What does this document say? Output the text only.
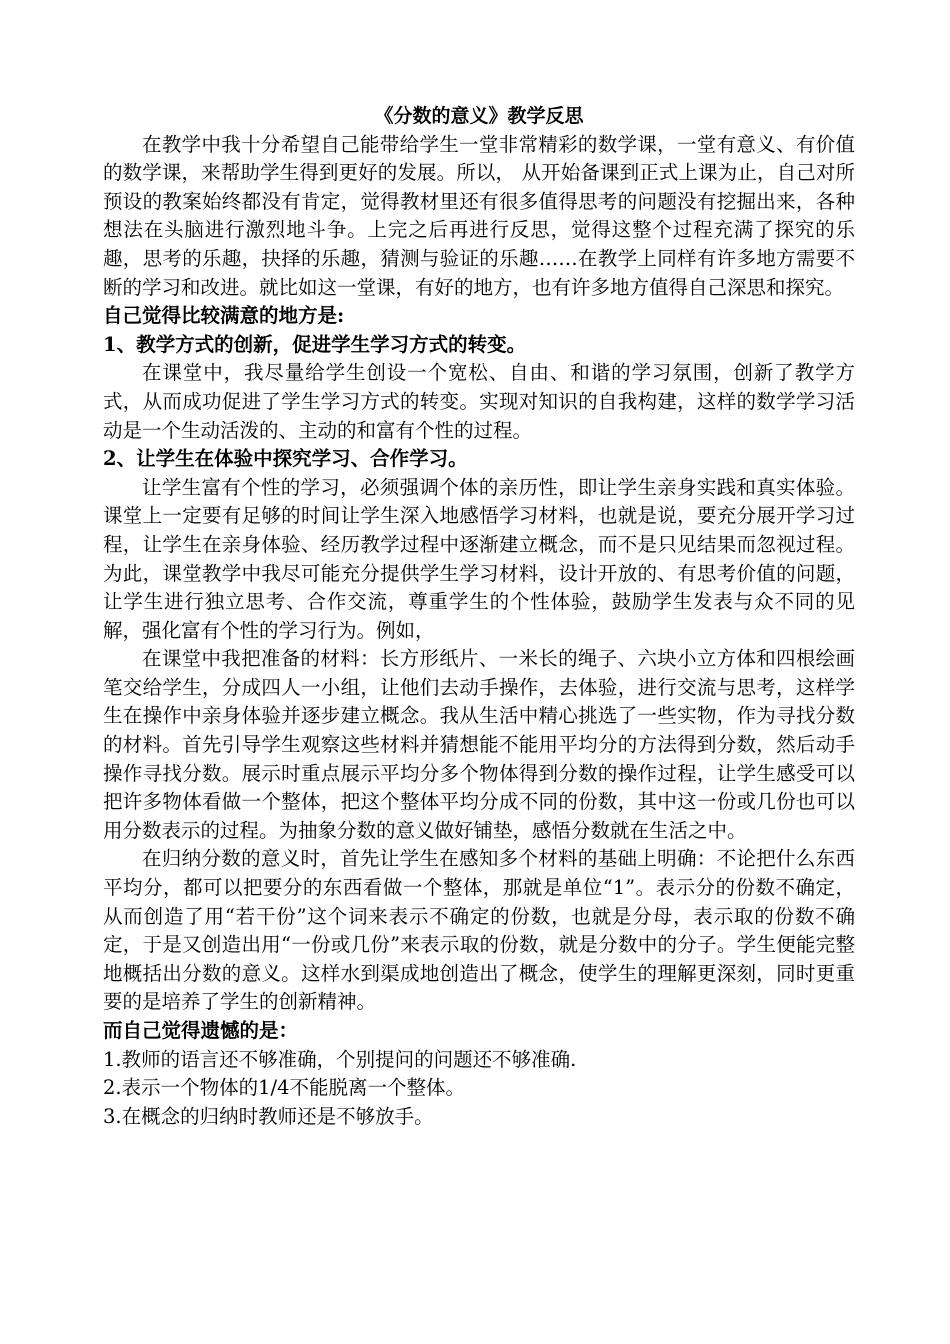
《分数的意义》教学反思

在教学中我十分希望自己能带给学生一堂非常精彩的数学课，一堂有意义、有价值的数学课，来帮助学生得到更好的发展。所以， 从开始备课到正式上课为止，自己对所预设的教案始终都没有肯定，觉得教材里还有很多值得思考的问题没有挖掘出来，各种想法在头脑进行激烈地斗争。上完之后再进行反思，觉得这整个过程充满了探究的乐趣，思考的乐趣，抉择的乐趣，猜测与验证的乐趣……在教学上同样有许多地方需要不断的学习和改进。就比如这一堂课，有好的地方，也有许多地方值得自己深思和探究。

自己觉得比较满意的地方是:

1、教学方式的创新，促进学生学习方式的转变。

在课堂中，我尽量给学生创设一个宽松、自由、和谐的学习氛围，创新了教学方式，从而成功促进了学生学习方式的转变。实现对知识的自我构建，这样的数学学习活动是一个生动活泼的、主动的和富有个性的过程。

2、让学生在体验中探究学习、合作学习。

让学生富有个性的学习，必须强调个体的亲历性，即让学生亲身实践和真实体验。课堂上一定要有足够的时间让学生深入地感悟学习材料，也就是说，要充分展开学习过程，让学生在亲身体验、经历教学过程中逐渐建立概念，而不是只见结果而忽视过程。为此，课堂教学中我尽可能充分提供学生学习材料，设计开放的、有思考价值的问题，让学生进行独立思考、合作交流，尊重学生的个性体验，鼓励学生发表与众不同的见解，强化富有个性的学习行为。例如，

在课堂中我把准备的材料：长方形纸片、一米长的绳子、六块小立方体和四根绘画笔交给学生，分成四人一小组，让他们去动手操作，去体验，进行交流与思考，这样学生在操作中亲身体验并逐步建立概念。我从生活中精心挑选了一些实物，作为寻找分数的材料。首先引导学生观察这些材料并猜想能不能用平均分的方法得到分数，然后动手操作寻找分数。展示时重点展示平均分多个物体得到分数的操作过程，让学生感受可以把许多物体看做一个整体，把这个整体平均分成不同的份数，其中这一份或几份也可以用分数表示的过程。为抽象分数的意义做好铺垫，感悟分数就在生活之中。

在归纳分数的意义时，首先让学生在感知多个材料的基础上明确：不论把什么东西平均分，都可以把要分的东西看做一个整体，那就是单位“1”。表示分的份数不确定，从而创造了用“若干份”这个词来表示不确定的份数，也就是分母，表示取的份数不确定，于是又创造出用“一份或几份”来表示取的份数，就是分数中的分子。学生便能完整地概括出分数的意义。这样水到渠成地创造出了概念，使学生的理解更深刻，同时更重要的是培养了学生的创新精神。

而自己觉得遗憾的是：

1.教师的语言还不够准确，个别提问的问题还不够准确.

2.表示一个物体的1/4不能脱离一个整体。

3.在概念的归纳时教师还是不够放手。
